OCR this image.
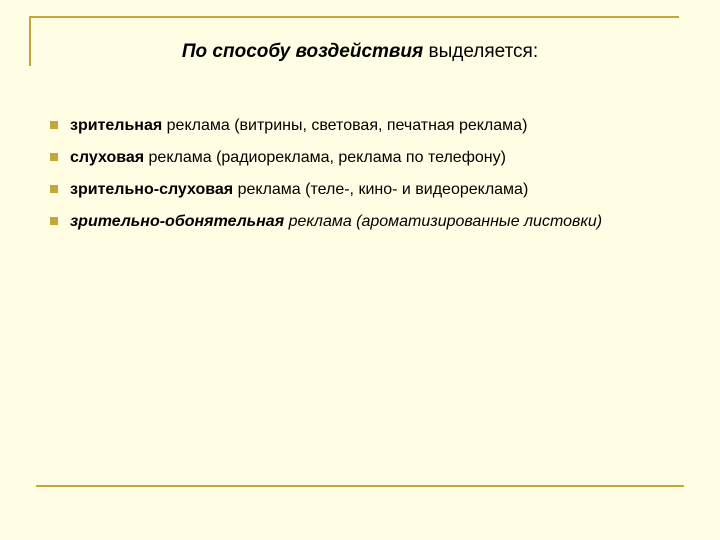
По способу воздействия выделяется:
зрительная реклама (витрины, световая, печатная реклама)
слуховая реклама (радиореклама, реклама по телефону)
зрительно-слуховая реклама (теле-, кино- и видеореклама)
зрительно-обонятельная реклама (ароматизированные листовки)
